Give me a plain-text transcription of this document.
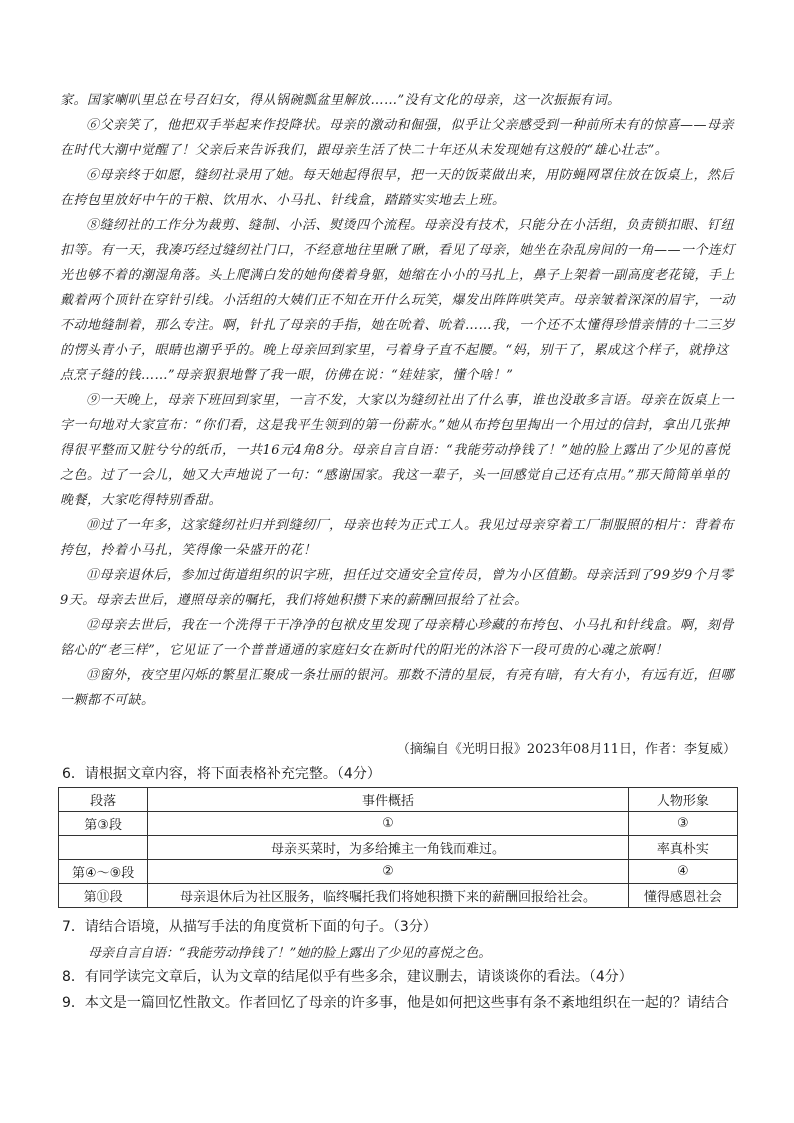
家。国家喇叭里总在号召妇女，得从锅碗瓢盆里解放……”没有文化的母亲，这一次振振有词。

⑥父亲笑了，他把双手举起来作投降状。母亲的激动和倔强，似乎让父亲感受到一种前所未有的惊喜——母亲在时代大潮中觉醒了！父亲后来告诉我们，跟母亲生活了快二十年还从未发现她有这般的“雄心壮志”。

⑥母亲终于如愿，缝纫社录用了她。每天她起得很早，把一天的饭菜做出来，用防蝇网罩住放在饭桌上，然后在挎包里放好中午的干粮、饮用水、小马扎、针线盒，踏踏实实地去上班。

⑧缝纫社的工作分为裁剪、缝制、小活、熨烫四个流程。母亲没有技术，只能分在小活组，负责锁扣眼、钉纽扣等。有一天，我凑巧经过缝纫社门口，不经意地往里瞅了瞅，看见了母亲，她坐在杂乱房间的一角——一个连灯光也够不着的潮湿角落。头上爬满白发的她佝偻着身躯，她缩在小小的马扎上，鼻子上架着一副高度老花镜，手上戴着两个顶针在穿针引线。小活组的大姨们正不知在开什么玩笑，爆发出阵阵哄笑声。母亲皱着深深的眉宇，一动不动地缝制着，那么专注。啊，针扎了母亲的手指，她在吮着、吮着……我，一个还不太懂得珍惜亲情的十二三岁的愣头青小子，眼睛也潮乎乎的。晚上母亲回到家里，弓着身子直不起腰。“妈，别干了，累成这个样子，就挣这点烹子缝的钱……”母亲狠狠地瞥了我一眼，仿佛在说：“娃娃家，懂个啥！”

⑨一天晚上，母亲下班回到家里，一言不发，大家以为缝纫社出了什么事，谁也没敢多言语。母亲在饭桌上一字一句地对大家宣布：“你们看，这是我平生领到的第一份薪水。”她从布挎包里掏出一个用过的信封，拿出几张抻得很平整而又脏兮兮的纸币，一共16元4角8分。母亲自言自语：“我能劳动挣钱了！”她的脸上露出了少见的喜悦之色。过了一会儿，她又大声地说了一句：“感谢国家。我这一辈子，头一回感觉自己还有点用。”那天简简单单的晚餐，大家吃得特别香甜。

⑩过了一年多，这家缝纫社归并到缝纫厂，母亲也转为正式工人。我见过母亲穿着工厂制服照的相片：背着布挎包，拎着小马扎，笑得像一朵盛开的花！

⑪母亲退休后，参加过街道组织的识字班，担任过交通安全宣传员，曾为小区值勤。母亲活到了99岁9个月零9天。母亲去世后，遵照母亲的嘱托，我们将她积攒下来的薪酬回报给了社会。

⑫母亲去世后，我在一个洗得干干净净的包袱皮里发现了母亲精心珍藏的布挎包、小马扎和针线盒。啊，刻骨铭心的“老三样”，它见证了一个普普通通的家庭妇女在新时代的阳光的沐浴下一段可贵的心魂之旅啊！

⑬窗外，夜空里闪烁的繁星汇聚成一条壮丽的银河。那数不清的星辰，有亮有暗，有大有小，有远有近，但哪一颗都不可缺。

（摘编自《光明日报》2023年08月11日，作者：李复威）
6．请根据文章内容，将下面表格补充完整。（4分）
段落	事件概括	人物形象
第③段	①	③
	母亲买菜时，为多给摊主一角钱而难过。	率真朴实
第④～⑨段	②	④
第⑪段	母亲退休后为社区服务，临终嘱托我们将她积攒下来的薪酬回报给社会。	懂得感恩社会
7．请结合语境，从描写手法的角度赏析下面的句子。（3分）
母亲自言自语：“我能劳动挣钱了！”她的脸上露出了少见的喜悦之色。
8．有同学读完文章后，认为文章的结尾似乎有些多余，建议删去，请谈谈你的看法。（4分）
9．本文是一篇回忆性散文。作者回忆了母亲的许多事，他是如何把这些事有条不紊地组织在一起的？请结合
